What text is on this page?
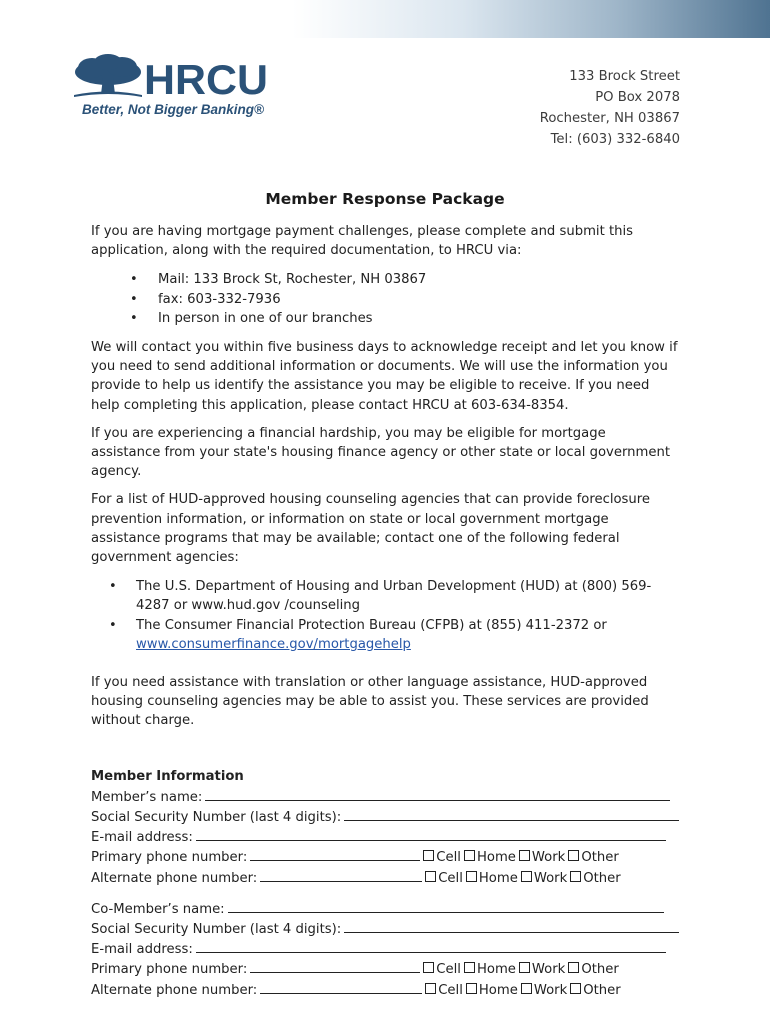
HRCU
Better, Not Bigger Banking®
133 Brock Street
PO Box 2078
Rochester, NH 03867
Tel: (603) 332-6840
Member Response Package

If you are having mortgage payment challenges, please complete and submit this application, along with the required documentation, to HRCU via:

• Mail: 133 Brock St, Rochester, NH 03867
• fax: 603-332-7936
• In person in one of our branches

We will contact you within five business days to acknowledge receipt and let you know if you need to send additional information or documents. We will use the information you provide to help us identify the assistance you may be eligible to receive. If you need help completing this application, please contact HRCU at 603-634-8354.

If you are experiencing a financial hardship, you may be eligible for mortgage assistance from your state's housing finance agency or other state or local government agency.

For a list of HUD-approved housing counseling agencies that can provide foreclosure prevention information, or information on state or local government mortgage assistance programs that may be available; contact one of the following federal government agencies:

• The U.S. Department of Housing and Urban Development (HUD) at (800) 569-4287 or www.hud.gov /counseling
• The Consumer Financial Protection Bureau (CFPB) at (855) 411-2372 or www.consumerfinance.gov/mortgagehelp

If you need assistance with translation or other language assistance, HUD-approved housing counseling agencies may be able to assist you. These services are provided without charge.

Member Information
Member’s name:
Social Security Number (last 4 digits):
E-mail address:
Primary phone number:	Cell Home Work Other
Alternate phone number:	Cell Home Work Other
Co-Member’s name:
Social Security Number (last 4 digits):
E-mail address:
Primary phone number:	Cell Home Work Other
Alternate phone number:	Cell Home Work Other
